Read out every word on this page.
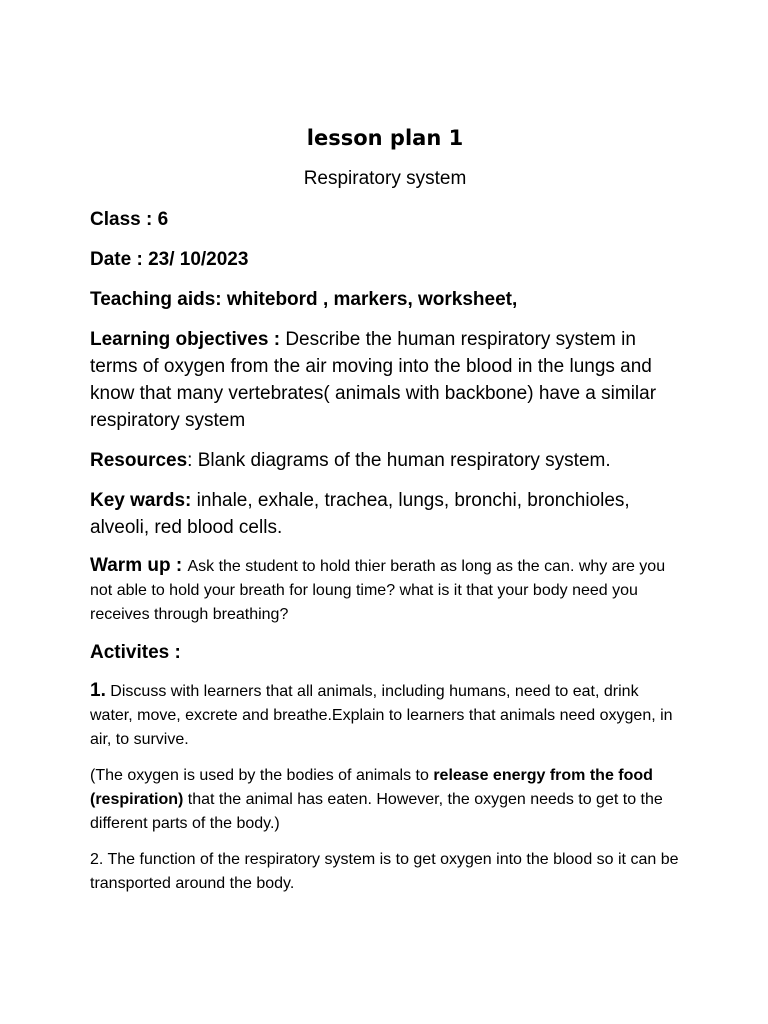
lesson plan 1
Respiratory system
Class : 6
Date : 23/ 10/2023
Teaching aids: whitebord , markers, worksheet,
Learning objectives : Describe the human respiratory system in terms of oxygen from the air moving into the blood in the lungs and know that many vertebrates( animals with backbone) have a similar respiratory system
Resources: Blank diagrams of the human respiratory system.
Key wards: inhale, exhale, trachea, lungs, bronchi, bronchioles, alveoli, red blood cells.
Warm up : Ask the student to hold thier berath as long as the can. why are you not able to hold your breath for loung time? what is it that your body need you receives through breathing?
Activites :
1. Discuss with learners that all animals, including humans, need to eat, drink water, move, excrete and breathe.Explain to learners that animals need oxygen, in air, to survive.
(The oxygen is used by the bodies of animals to release energy from the food (respiration) that the animal has eaten. However, the oxygen needs to get to the different parts of the body.)
2. The function of the respiratory system is to get oxygen into the blood so it can be transported around the body.
